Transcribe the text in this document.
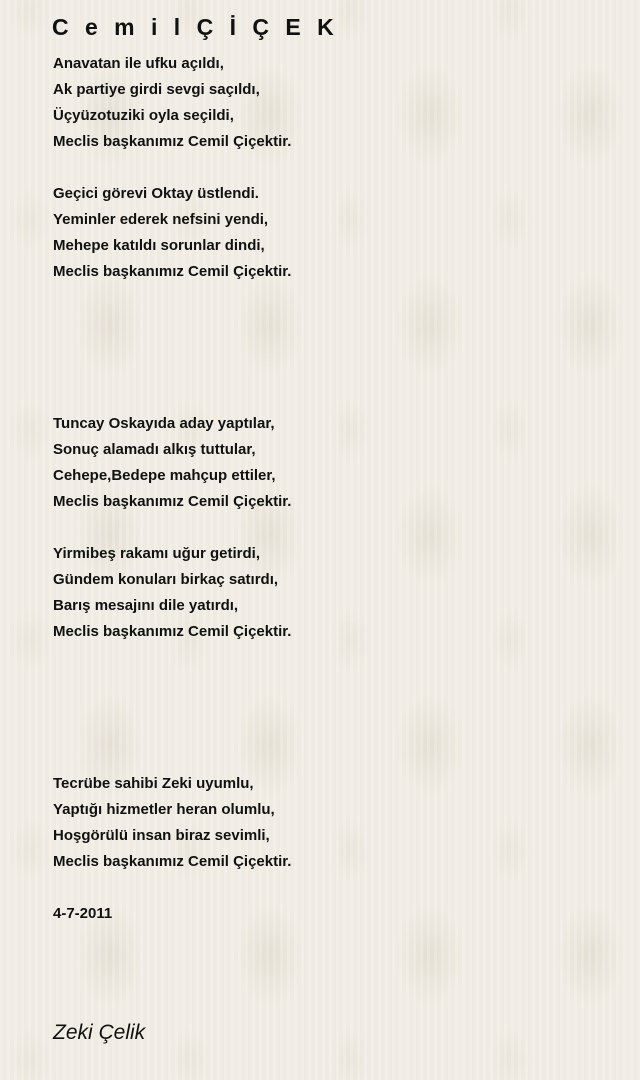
C e m i l Ç İ Ç E K

Anavatan ile ufku açıldı,

Ak partiye girdi sevgi saçıldı,

Üçyüzotuziki oyla seçildi,

Meclis başkanımız Cemil Çiçektir.

Geçici görevi Oktay üstlendi.

Yeminler ederek nefsini yendi,

Mehepe katıldı sorunlar dindi,

Meclis başkanımız Cemil Çiçektir.

Tuncay Oskayıda aday yaptılar,

Sonuç alamadı alkış tuttular,

Cehepe,Bedepe mahçup ettiler,

Meclis başkanımız Cemil Çiçektir.

Yirmibeş rakamı uğur getirdi,

Gündem konuları birkaç satırdı,

Barış mesajını dile yatırdı,

Meclis başkanımız Cemil Çiçektir.

Tecrübe sahibi Zeki uyumlu,

Yaptığı hizmetler heran olumlu,

Hoşgörülü insan biraz sevimli,

Meclis başkanımız Cemil Çiçektir.

4-7-2011

Zeki Çelik
